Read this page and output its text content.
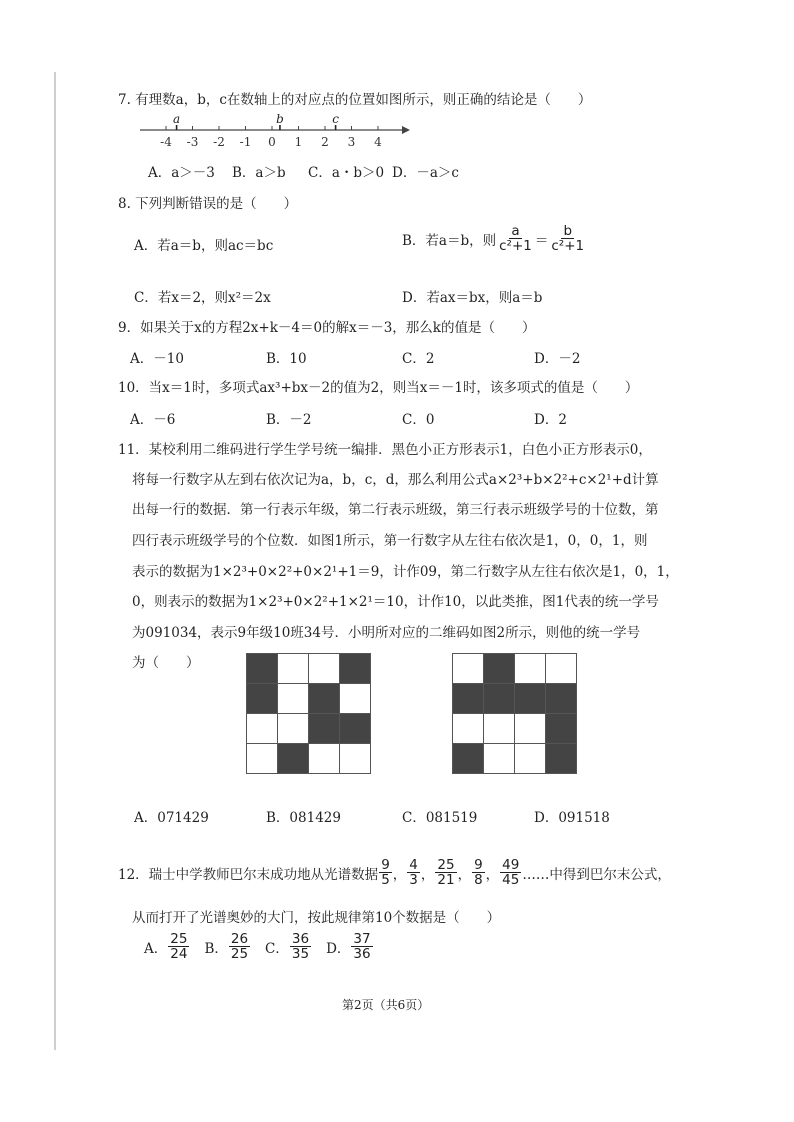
7. 有理数a，b，c在数轴上的对应点的位置如图所示，则正确的结论是（　　）
-4 -3 -2 -1 0 1 2 3 4
a	b	c
A．a＞－3 B．a＞b C．a・b＞0 D．－a＞c
8. 下列判断错误的是（　　）
A．若a＝b，则ac＝bc	B．若a＝b，则 $\frac{a}{\text{c²+1}} = \frac{b}{\text{c²+1}}$
C．若x＝2，则x²＝2x	D．若ax＝bx，则a＝b
9．如果关于x的方程2x+k－4＝0的解x＝－3，那么k的值是（　　）
A．－10	B．10	C．2	D．－2
10．当x＝1时，多项式ax³+bx－2的值为2，则当x＝－1时，该多项式的值是（　　）
A．－6	B．－2	C．0	D．2
11．某校利用二维码进行学生学号统一编排．黑色小正方形表示1，白色小正方形表示0，
将每一行数字从左到右依次记为a，b，c，d，那么利用公式a×2³+b×2²+c×2¹+d计算
出每一行的数据．第一行表示年级，第二行表示班级，第三行表示班级学号的十位数，第
四行表示班级学号的个位数．如图1所示，第一行数字从左往右依次是1，0，0，1，则
表示的数据为1×2³+0×2²+0×2¹+1＝9，计作09，第二行数字从左往右依次是1，0，1，
0，则表示的数据为1×2³+0×2²+1×2¹＝10，计作10，以此类推，图1代表的统一学号
为091034，表示9年级10班34号．小明所对应的二维码如图2所示，则他的统一学号
为（　　）

A．071429	B．081429	C．081519	D．091518
12．瑞士中学教师巴尔末成功地从光谱数据 $\frac{9}{5}$ ， $\frac{4}{3}$ ， $\frac{25}{21}$ ， $\frac{9}{8}$ ， $\frac{49}{45}$ ……中得到巴尔末公式，
从而打开了光谱奥妙的大门，按此规律第10个数据是（　　）
A． $\frac{25}{24}$ B． $\frac{26}{25}$ C． $\frac{36}{35}$ D． $\frac{37}{36}$
第2页（共6页）
